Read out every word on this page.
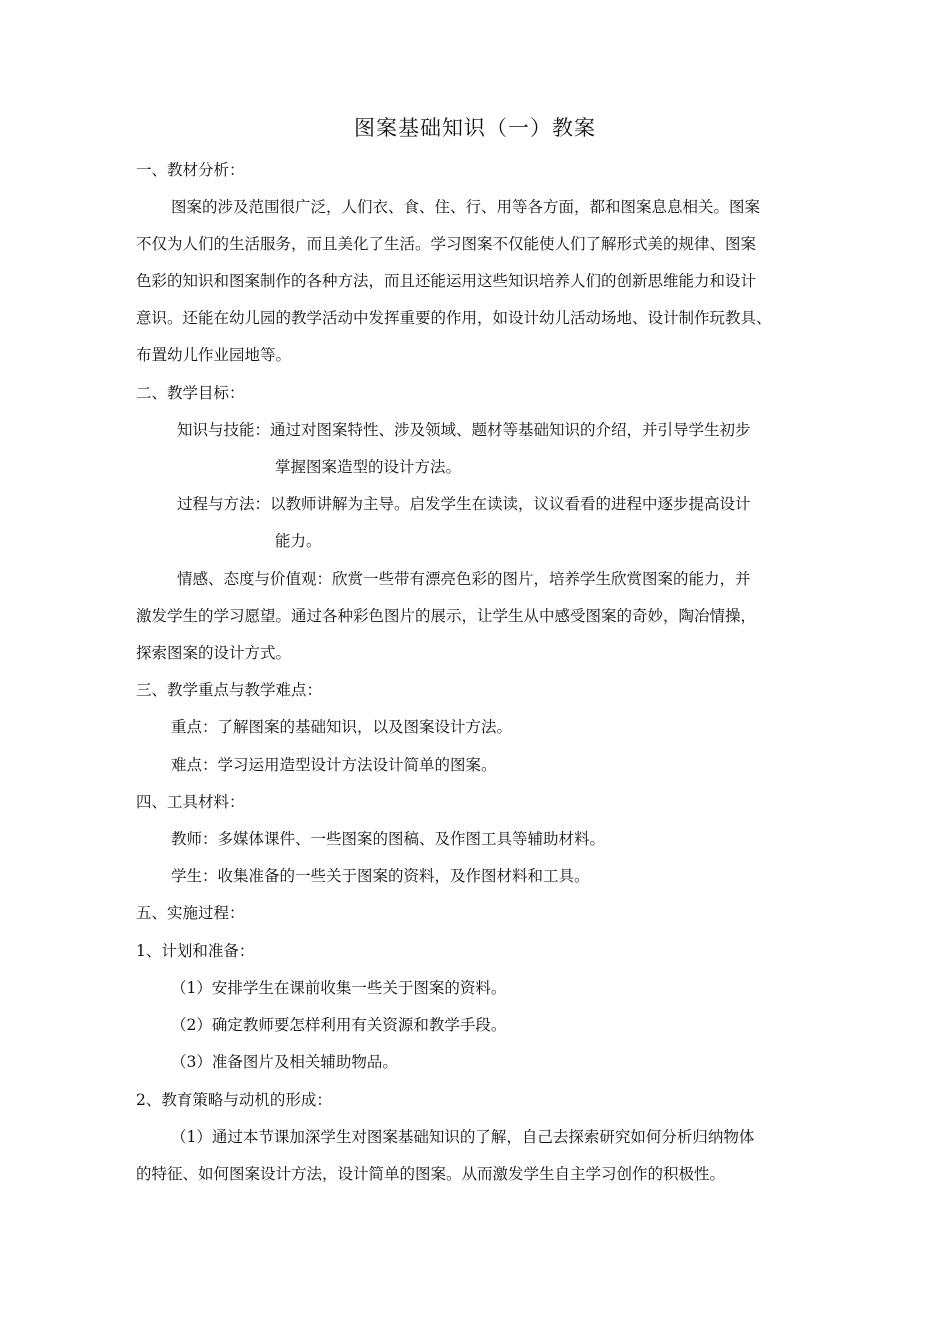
图案基础知识（一）教案
一、教材分析：
图案的涉及范围很广泛，人们衣、食、住、行、用等各方面，都和图案息息相关。图案
不仅为人们的生活服务，而且美化了生活。学习图案不仅能使人们了解形式美的规律、图案
色彩的知识和图案制作的各种方法，而且还能运用这些知识培养人们的创新思维能力和设计
意识。还能在幼儿园的教学活动中发挥重要的作用，如设计幼儿活动场地、设计制作玩教具、
布置幼儿作业园地等。
二、教学目标：
知识与技能：通过对图案特性、涉及领域、题材等基础知识的介绍，并引导学生初步
掌握图案造型的设计方法。
过程与方法：以教师讲解为主导。启发学生在读读，议议看看的进程中逐步提高设计
能力。
情感、态度与价值观：欣赏一些带有漂亮色彩的图片，培养学生欣赏图案的能力，并
激发学生的学习愿望。通过各种彩色图片的展示，让学生从中感受图案的奇妙，陶冶情操，
探索图案的设计方式。
三、教学重点与教学难点：
重点：了解图案的基础知识，以及图案设计方法。
难点：学习运用造型设计方法设计简单的图案。
四、工具材料：
教师：多媒体课件、一些图案的图稿、及作图工具等辅助材料。
学生：收集准备的一些关于图案的资料，及作图材料和工具。
五、实施过程：
1、计划和准备：
（1）安排学生在课前收集一些关于图案的资料。
（2）确定教师要怎样利用有关资源和教学手段。
（3）准备图片及相关辅助物品。
2、教育策略与动机的形成：
（1）通过本节课加深学生对图案基础知识的了解，自己去探索研究如何分析归纳物体
的特征、如何图案设计方法，设计简单的图案。从而激发学生自主学习创作的积极性。
